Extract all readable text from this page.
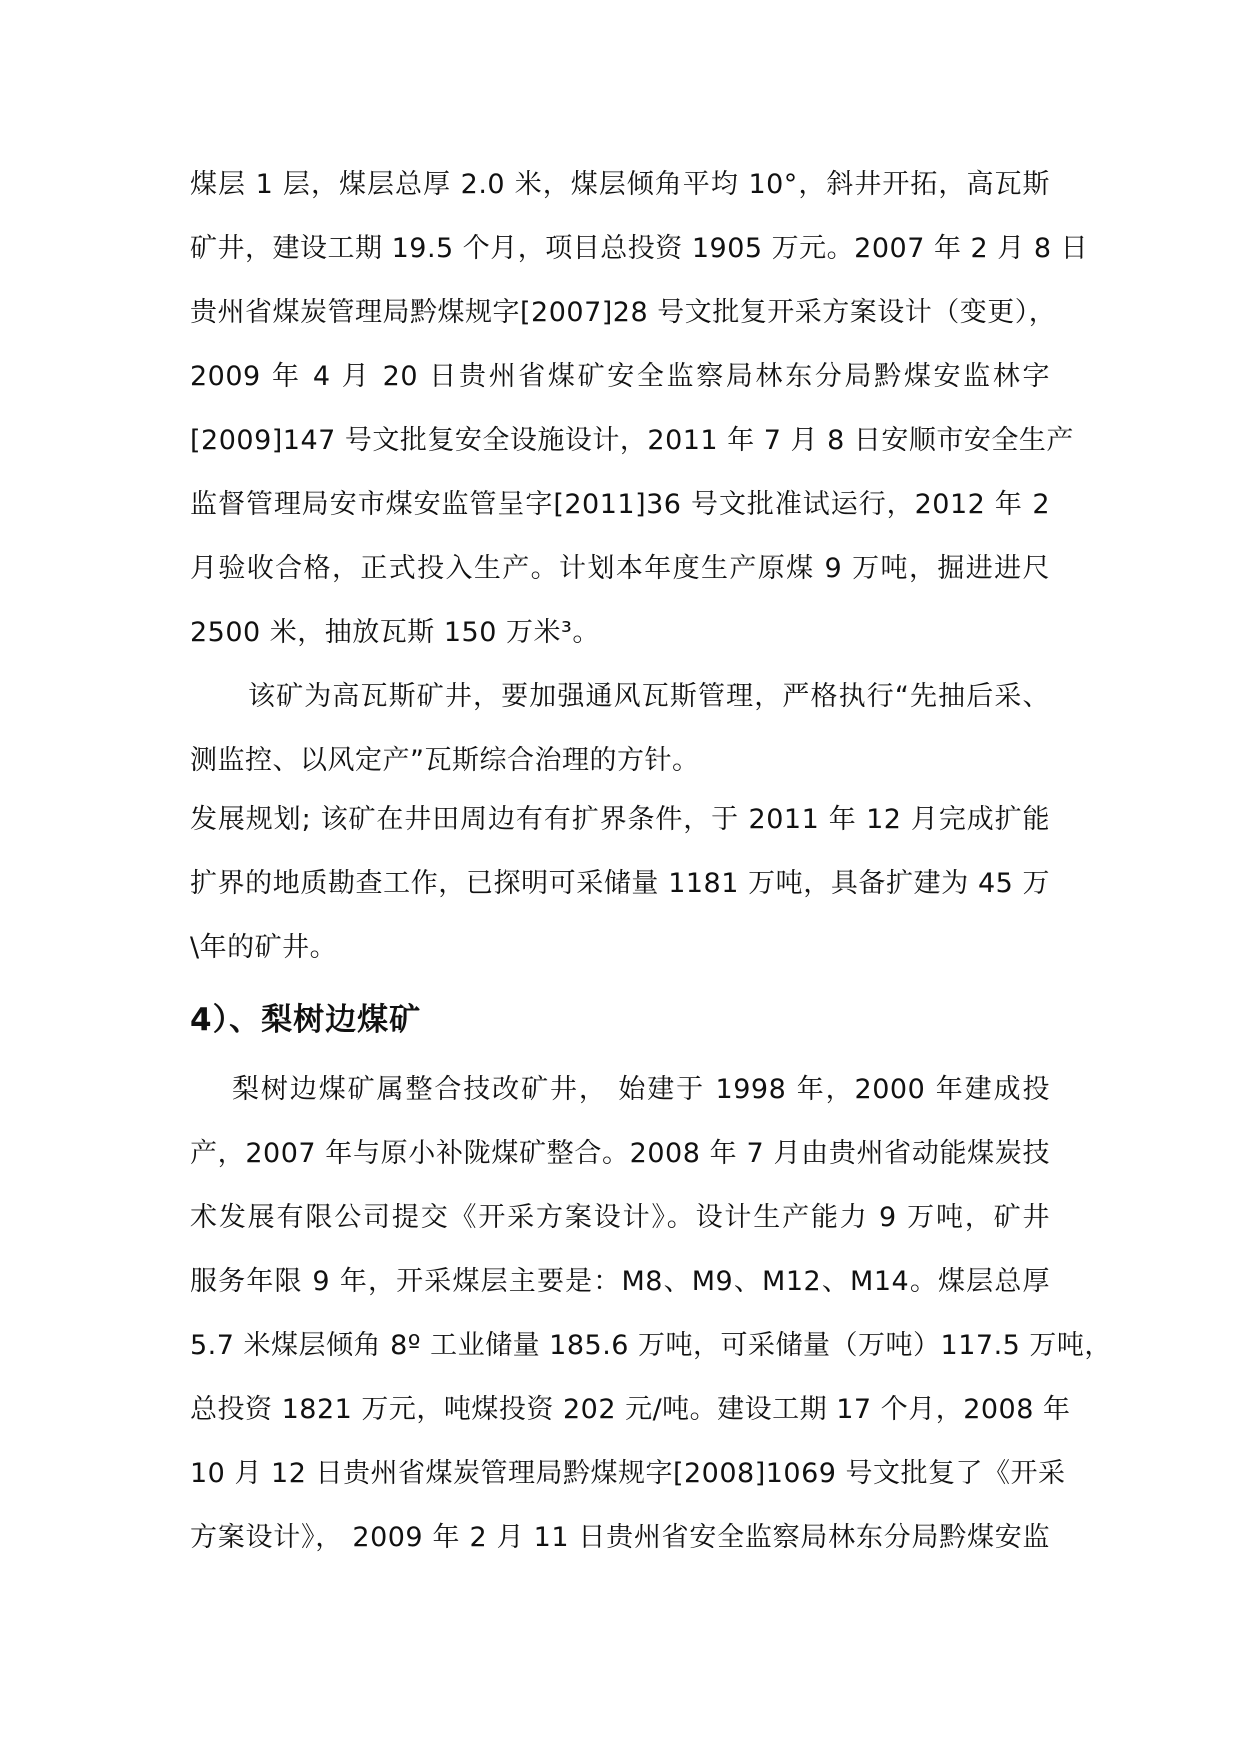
煤层 1 层，煤层总厚 2.0 米，煤层倾角平均 10°，斜井开拓，高瓦斯
矿井，建设工期 19.5 个月，项目总投资 1905 万元。2007 年 2 月 8 日
贵州省煤炭管理局黔煤规字[2007]28 号文批复开采方案设计（变更），
2009 年 4 月 20 日贵州省煤矿安全监察局林东分局黔煤安监林字
[2009]147 号文批复安全设施设计，2011 年 7 月 8 日安顺市安全生产
监督管理局安市煤安监管呈字[2011]36 号文批准试运行，2012 年 2
月验收合格，正式投入生产。计划本年度生产原煤 9 万吨，掘进进尺
2500 米，抽放瓦斯 150 万米³。
该矿为高瓦斯矿井，要加强通风瓦斯管理，严格执行“先抽后采、
测监控、以风定产”瓦斯综合治理的方针。
发展规划; 该矿在井田周边有有扩界条件，于 2011 年 12 月完成扩能
扩界的地质勘查工作，已探明可采储量 1181 万吨，具备扩建为 45 万
\年的矿井。
4）、梨树边煤矿
梨树边煤矿属整合技改矿井， 始建于 1998 年，2000 年建成投
产，2007 年与原小补陇煤矿整合。2008 年 7 月由贵州省动能煤炭技
术发展有限公司提交《开采方案设计》。设计生产能力 9 万吨，矿井
服务年限 9 年，开采煤层主要是：M8、M9、M12、M14。煤层总厚
5.7 米煤层倾角 8º 工业储量 185.6 万吨，可采储量（万吨）117.5 万吨，
总投资 1821 万元，吨煤投资 202 元/吨。建设工期 17 个月，2008 年
10 月 12 日贵州省煤炭管理局黔煤规字[2008]1069 号文批复了《开采
方案设计》， 2009 年 2 月 11 日贵州省安全监察局林东分局黔煤安监
